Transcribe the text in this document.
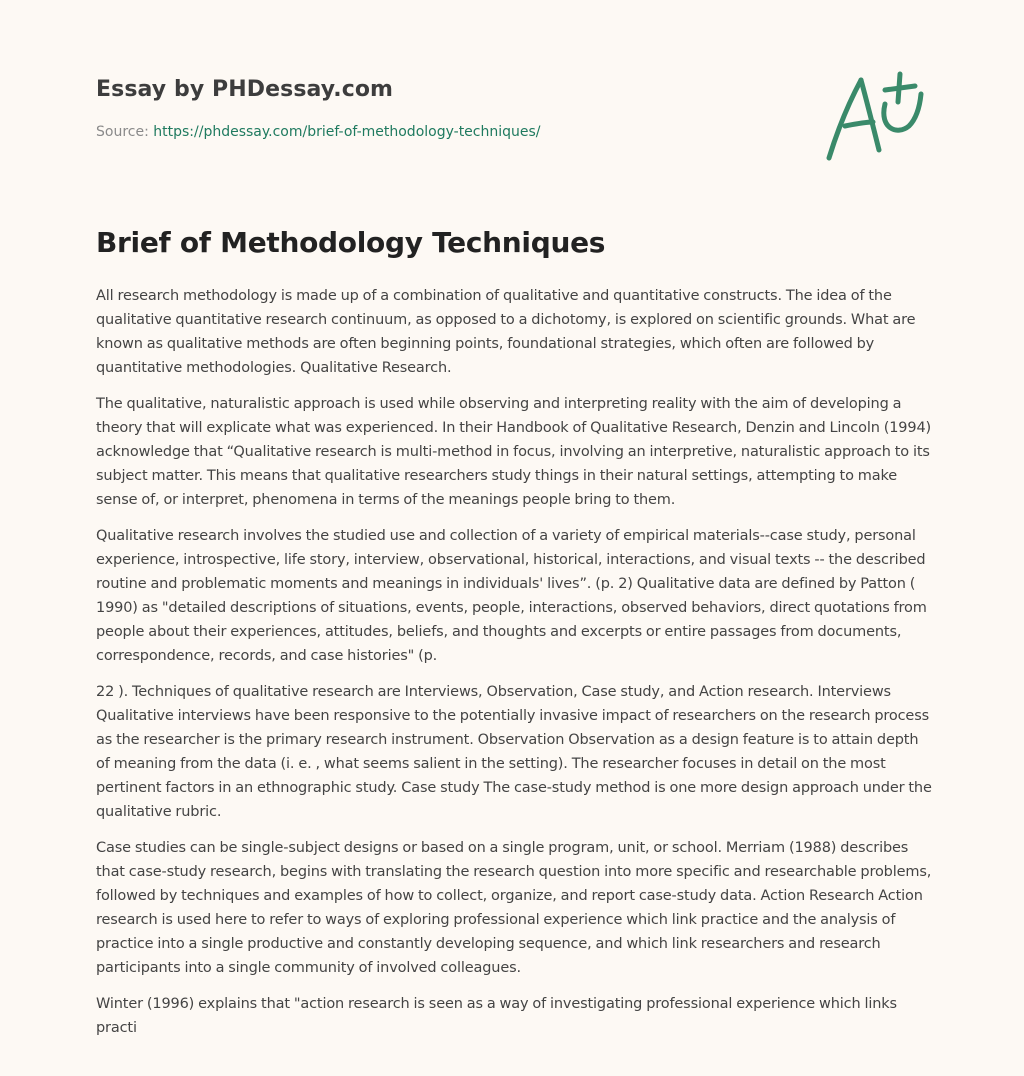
Essay by PHDessay.com
Source: https://phdessay.com/brief-of-methodology-techniques/
Brief of Methodology Techniques

All research methodology is made up of a combination of qualitative and quantitative constructs. The idea of the qualitative quantitative research continuum, as opposed to a dichotomy, is explored on scientific grounds. What are known as qualitative methods are often beginning points, foundational strategies, which often are followed by quantitative methodologies. Qualitative Research.

The qualitative, naturalistic approach is used while observing and interpreting reality with the aim of developing a theory that will explicate what was experienced. In their Handbook of Qualitative Research, Denzin and Lincoln (1994) acknowledge that “Qualitative research is multi-method in focus, involving an interpretive, naturalistic approach to its subject matter. This means that qualitative researchers study things in their natural settings, attempting to make sense of, or interpret, phenomena in terms of the meanings people bring to them.

Qualitative research involves the studied use and collection of a variety of empirical materials--case study, personal experience, introspective, life story, interview, observational, historical, interactions, and visual texts -- the described routine and problematic moments and meanings in individuals' lives”. (p. 2) Qualitative data are defined by Patton ( 1990) as "detailed descriptions of situations, events, people, interactions, observed behaviors, direct quotations from people about their experiences, attitudes, beliefs, and thoughts and excerpts or entire passages from documents, correspondence, records, and case histories" (p.

22 ). Techniques of qualitative research are Interviews, Observation, Case study, and Action research. Interviews Qualitative interviews have been responsive to the potentially invasive impact of researchers on the research process as the researcher is the primary research instrument. Observation Observation as a design feature is to attain depth of meaning from the data (i. e. , what seems salient in the setting). The researcher focuses in detail on the most pertinent factors in an ethnographic study. Case study The case-study method is one more design approach under the qualitative rubric.

Case studies can be single-subject designs or based on a single program, unit, or school. Merriam (1988) describes that case-study research, begins with translating the research question into more specific and researchable problems, followed by techniques and examples of how to collect, organize, and report case-study data. Action Research Action research is used here to refer to ways of exploring professional experience which link practice and the analysis of practice into a single productive and constantly developing sequence, and which link researchers and research participants into a single community of involved colleagues.

Winter (1996) explains that "action research is seen as a way of investigating professional experience which links practi
